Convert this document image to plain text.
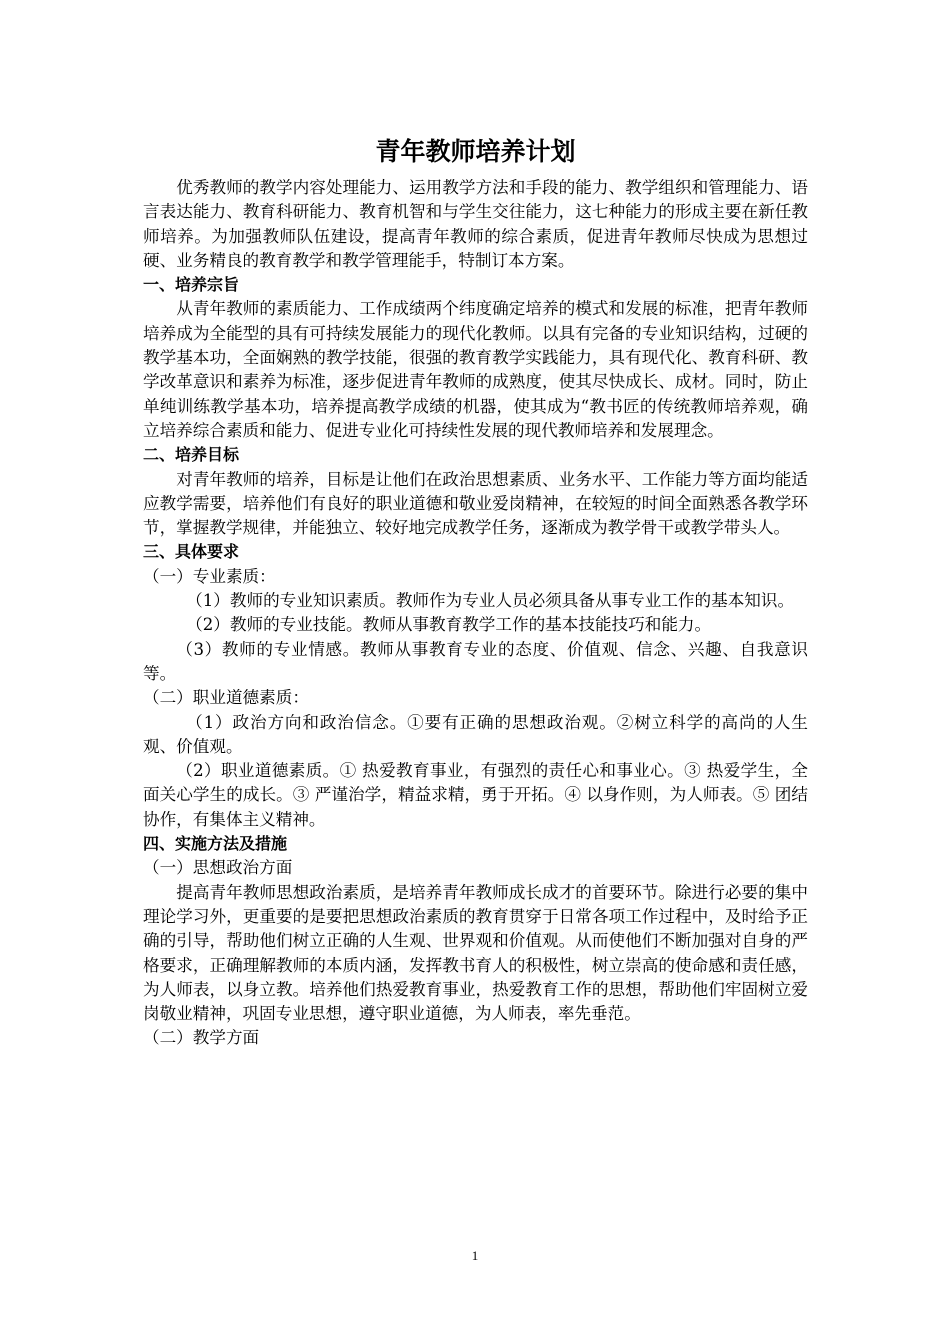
青年教师培养计划

优秀教师的教学内容处理能力、运用教学方法和手段的能力、教学组织和管理能力、语言表达能力、教育科研能力、教育机智和与学生交往能力，这七种能力的形成主要在新任教师培养。为加强教师队伍建设，提高青年教师的综合素质，促进青年教师尽快成为思想过硬、业务精良的教育教学和教学管理能手，特制订本方案。

一、培养宗旨

从青年教师的素质能力、工作成绩两个纬度确定培养的模式和发展的标准，把青年教师培养成为全能型的具有可持续发展能力的现代化教师。以具有完备的专业知识结构，过硬的教学基本功，全面娴熟的教学技能，很强的教育教学实践能力，具有现代化、教育科研、教学改革意识和素养为标准，逐步促进青年教师的成熟度，使其尽快成长、成材。同时，防止单纯训练教学基本功，培养提高教学成绩的机器，使其成为“教书匠的传统教师培养观，确立培养综合素质和能力、促进专业化可持续性发展的现代教师培养和发展理念。

二、培养目标

对青年教师的培养，目标是让他们在政治思想素质、业务水平、工作能力等方面均能适应教学需要，培养他们有良好的职业道德和敬业爱岗精神，在较短的时间全面熟悉各教学环节，掌握教学规律，并能独立、较好地完成教学任务，逐渐成为教学骨干或教学带头人。

三、具体要求

（一）专业素质：

（1）教师的专业知识素质。教师作为专业人员必须具备从事专业工作的基本知识。

（2）教师的专业技能。教师从事教育教学工作的基本技能技巧和能力。

（3）教师的专业情感。教师从事教育专业的态度、价值观、信念、兴趣、自我意识等。

（二）职业道德素质：

（1）政治方向和政治信念。①要有正确的思想政治观。②树立科学的高尚的人生观、价值观。

（2）职业道德素质。① 热爱教育事业，有强烈的责任心和事业心。③ 热爱学生，全面关心学生的成长。③ 严谨治学，精益求精，勇于开拓。④ 以身作则，为人师表。⑤ 团结协作，有集体主义精神。

四、实施方法及措施

（一）思想政治方面

提高青年教师思想政治素质，是培养青年教师成长成才的首要环节。除进行必要的集中理论学习外，更重要的是要把思想政治素质的教育贯穿于日常各项工作过程中，及时给予正确的引导，帮助他们树立正确的人生观、世界观和价值观。从而使他们不断加强对自身的严格要求，正确理解教师的本质内涵，发挥教书育人的积极性，树立崇高的使命感和责任感，为人师表，以身立教。培养他们热爱教育事业，热爱教育工作的思想，帮助他们牢固树立爱岗敬业精神，巩固专业思想，遵守职业道德，为人师表，率先垂范。

（二）教学方面

1
